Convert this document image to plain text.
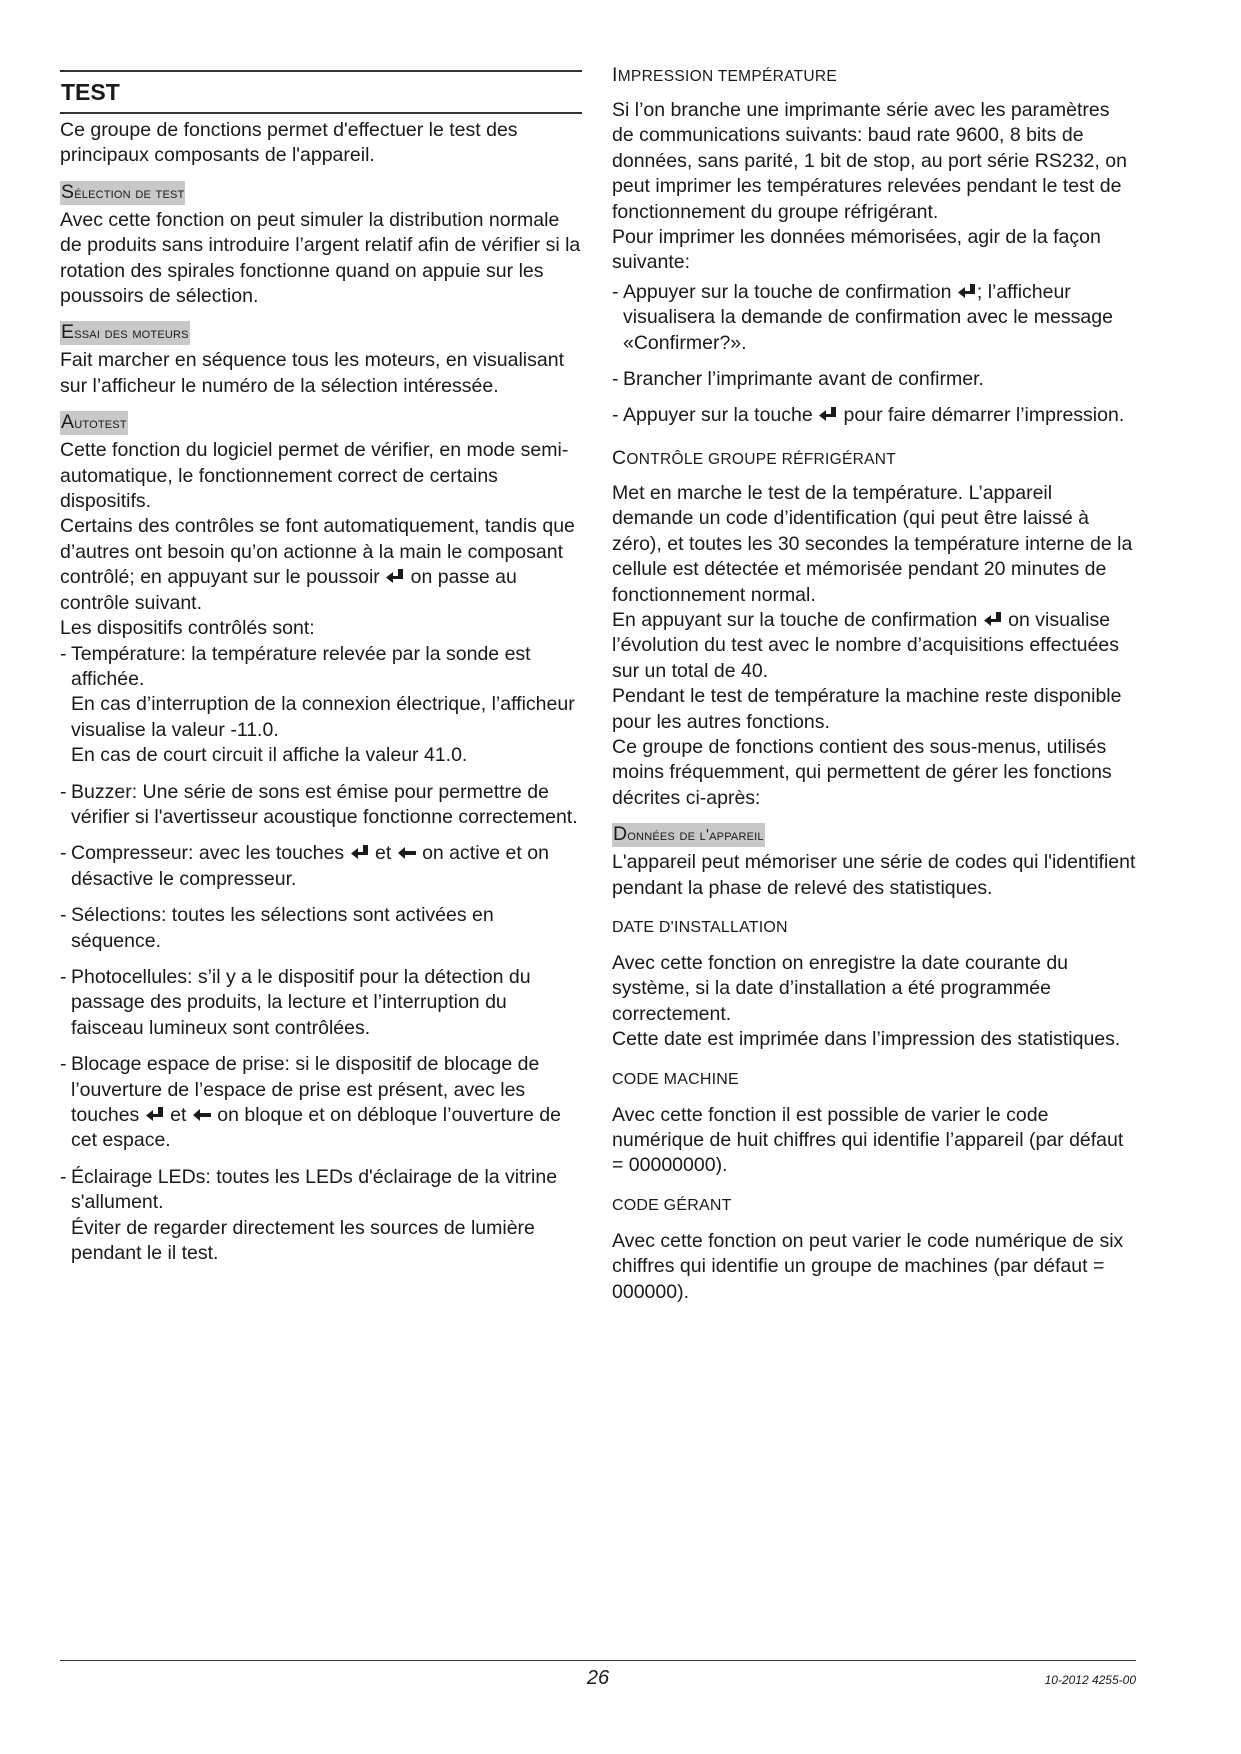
TEST

Ce groupe de fonctions permet d'effectuer le test des principaux composants de l'appareil.

Sélection de test

Avec cette fonction on peut simuler la distribution normale de produits sans introduire l’argent relatif afin de vérifier si la rotation des spirales fonctionne quand on appuie sur les poussoirs de sélection.

Essai des moteurs

Fait marcher en séquence tous les moteurs, en visualisant sur l’afficheur le numéro de la sélection intéressée.

Autotest

Cette fonction du logiciel permet de vérifier, en mode semi-automatique, le fonctionnement correct de certains dispositifs.

Certains des contrôles se font automatiquement, tandis que d’autres ont besoin qu’on actionne à la main le composant contrôlé; en appuyant sur le poussoir on passe au contrôle suivant.

Les dispositifs contrôlés sont:

- Température: la température relevée par la sonde est affichée.
En cas d’interruption de la connexion électrique, l’afficheur visualise la valeur -11.0.
En cas de court circuit il affiche la valeur 41.0.
- Buzzer: Une série de sons est émise pour permettre de vérifier si l'avertisseur acoustique fonctionne correctement.
- Compresseur: avec les touches et on active et on désactive le compresseur.
- Sélections: toutes les sélections sont activées en séquence.
- Photocellules: s’il y a le dispositif pour la détection du passage des produits, la lecture et l’interruption du faisceau lumineux sont contrôlées.
- Blocage espace de prise: si le dispositif de blocage de l’ouverture de l’espace de prise est présent, avec les touches et on bloque et on débloque l’ouverture de cet espace.
- Éclairage LEDs: toutes les LEDs d'éclairage de la vitrine s'allument.
Éviter de regarder directement les sources de lumière pendant le il test.
IMPRESSION TEMPÉRATURE

Si l’on branche une imprimante série avec les paramètres de communications suivants: baud rate 9600, 8 bits de données, sans parité, 1 bit de stop, au port série RS232, on peut imprimer les températures relevées pendant le test de fonctionnement du groupe réfrigérant.

Pour imprimer les données mémorisées, agir de la façon suivante:

- Appuyer sur la touche de confirmation ; l’afficheur visualisera la demande de confirmation avec le message «Confirmer?».
- Brancher l’imprimante avant de confirmer.
- Appuyer sur la touche pour faire démarrer l’impression.
CONTRÔLE GROUPE RÉFRIGÉRANT

Met en marche le test de la température. L’appareil demande un code d’identification (qui peut être laissé à zéro), et toutes les 30 secondes la température interne de la cellule est détectée et mémorisée pendant 20 minutes de fonctionnement normal.

En appuyant sur la touche de confirmation on visualise l’évolution du test avec le nombre d’acquisitions effectuées sur un total de 40.

Pendant le test de température la machine reste disponible

pour les autres fonctions.

Ce groupe de fonctions contient des sous-menus, utilisés moins fréquemment, qui permettent de gérer les fonctions décrites ci-après:

Données de l'appareil

L'appareil peut mémoriser une série de codes qui l'identifient pendant la phase de relevé des statistiques.

DATE D'INSTALLATION

Avec cette fonction on enregistre la date courante du système, si la date d’installation a été programmée correctement.

Cette date est imprimée dans l’impression des statistiques.

CODE MACHINE

Avec cette fonction il est possible de varier le code numérique de huit chiffres qui identifie l’appareil (par défaut = 00000000).

CODE GÉRANT

Avec cette fonction on peut varier le code numérique de six chiffres qui identifie un groupe de machines (par défaut = 000000).

26	10-2012 4255-00
